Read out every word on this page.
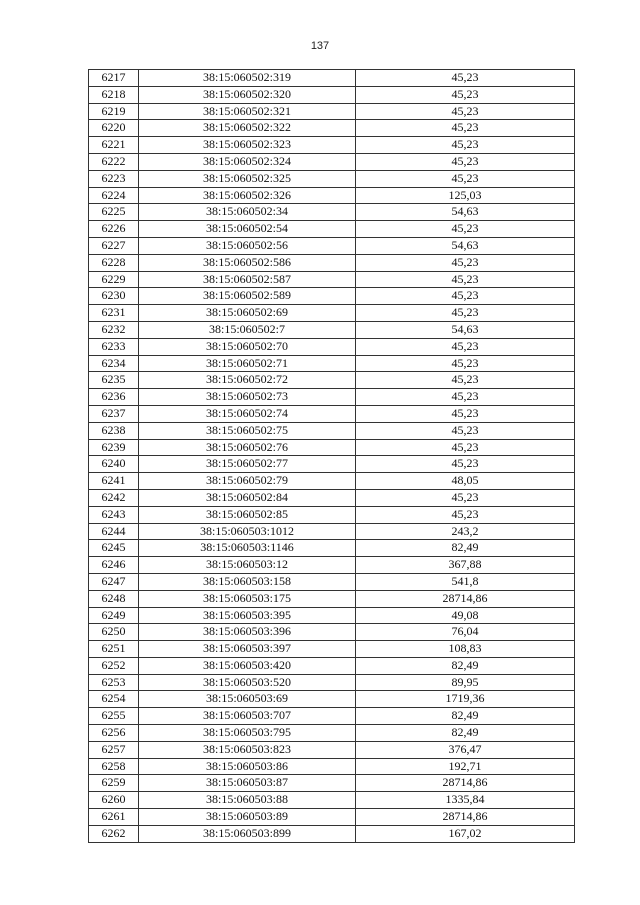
137
6217	38:15:060502:319	45,23
6218	38:15:060502:320	45,23
6219	38:15:060502:321	45,23
6220	38:15:060502:322	45,23
6221	38:15:060502:323	45,23
6222	38:15:060502:324	45,23
6223	38:15:060502:325	45,23
6224	38:15:060502:326	125,03
6225	38:15:060502:34	54,63
6226	38:15:060502:54	45,23
6227	38:15:060502:56	54,63
6228	38:15:060502:586	45,23
6229	38:15:060502:587	45,23
6230	38:15:060502:589	45,23
6231	38:15:060502:69	45,23
6232	38:15:060502:7	54,63
6233	38:15:060502:70	45,23
6234	38:15:060502:71	45,23
6235	38:15:060502:72	45,23
6236	38:15:060502:73	45,23
6237	38:15:060502:74	45,23
6238	38:15:060502:75	45,23
6239	38:15:060502:76	45,23
6240	38:15:060502:77	45,23
6241	38:15:060502:79	48,05
6242	38:15:060502:84	45,23
6243	38:15:060502:85	45,23
6244	38:15:060503:1012	243,2
6245	38:15:060503:1146	82,49
6246	38:15:060503:12	367,88
6247	38:15:060503:158	541,8
6248	38:15:060503:175	28714,86
6249	38:15:060503:395	49,08
6250	38:15:060503:396	76,04
6251	38:15:060503:397	108,83
6252	38:15:060503:420	82,49
6253	38:15:060503:520	89,95
6254	38:15:060503:69	1719,36
6255	38:15:060503:707	82,49
6256	38:15:060503:795	82,49
6257	38:15:060503:823	376,47
6258	38:15:060503:86	192,71
6259	38:15:060503:87	28714,86
6260	38:15:060503:88	1335,84
6261	38:15:060503:89	28714,86
6262	38:15:060503:899	167,02
